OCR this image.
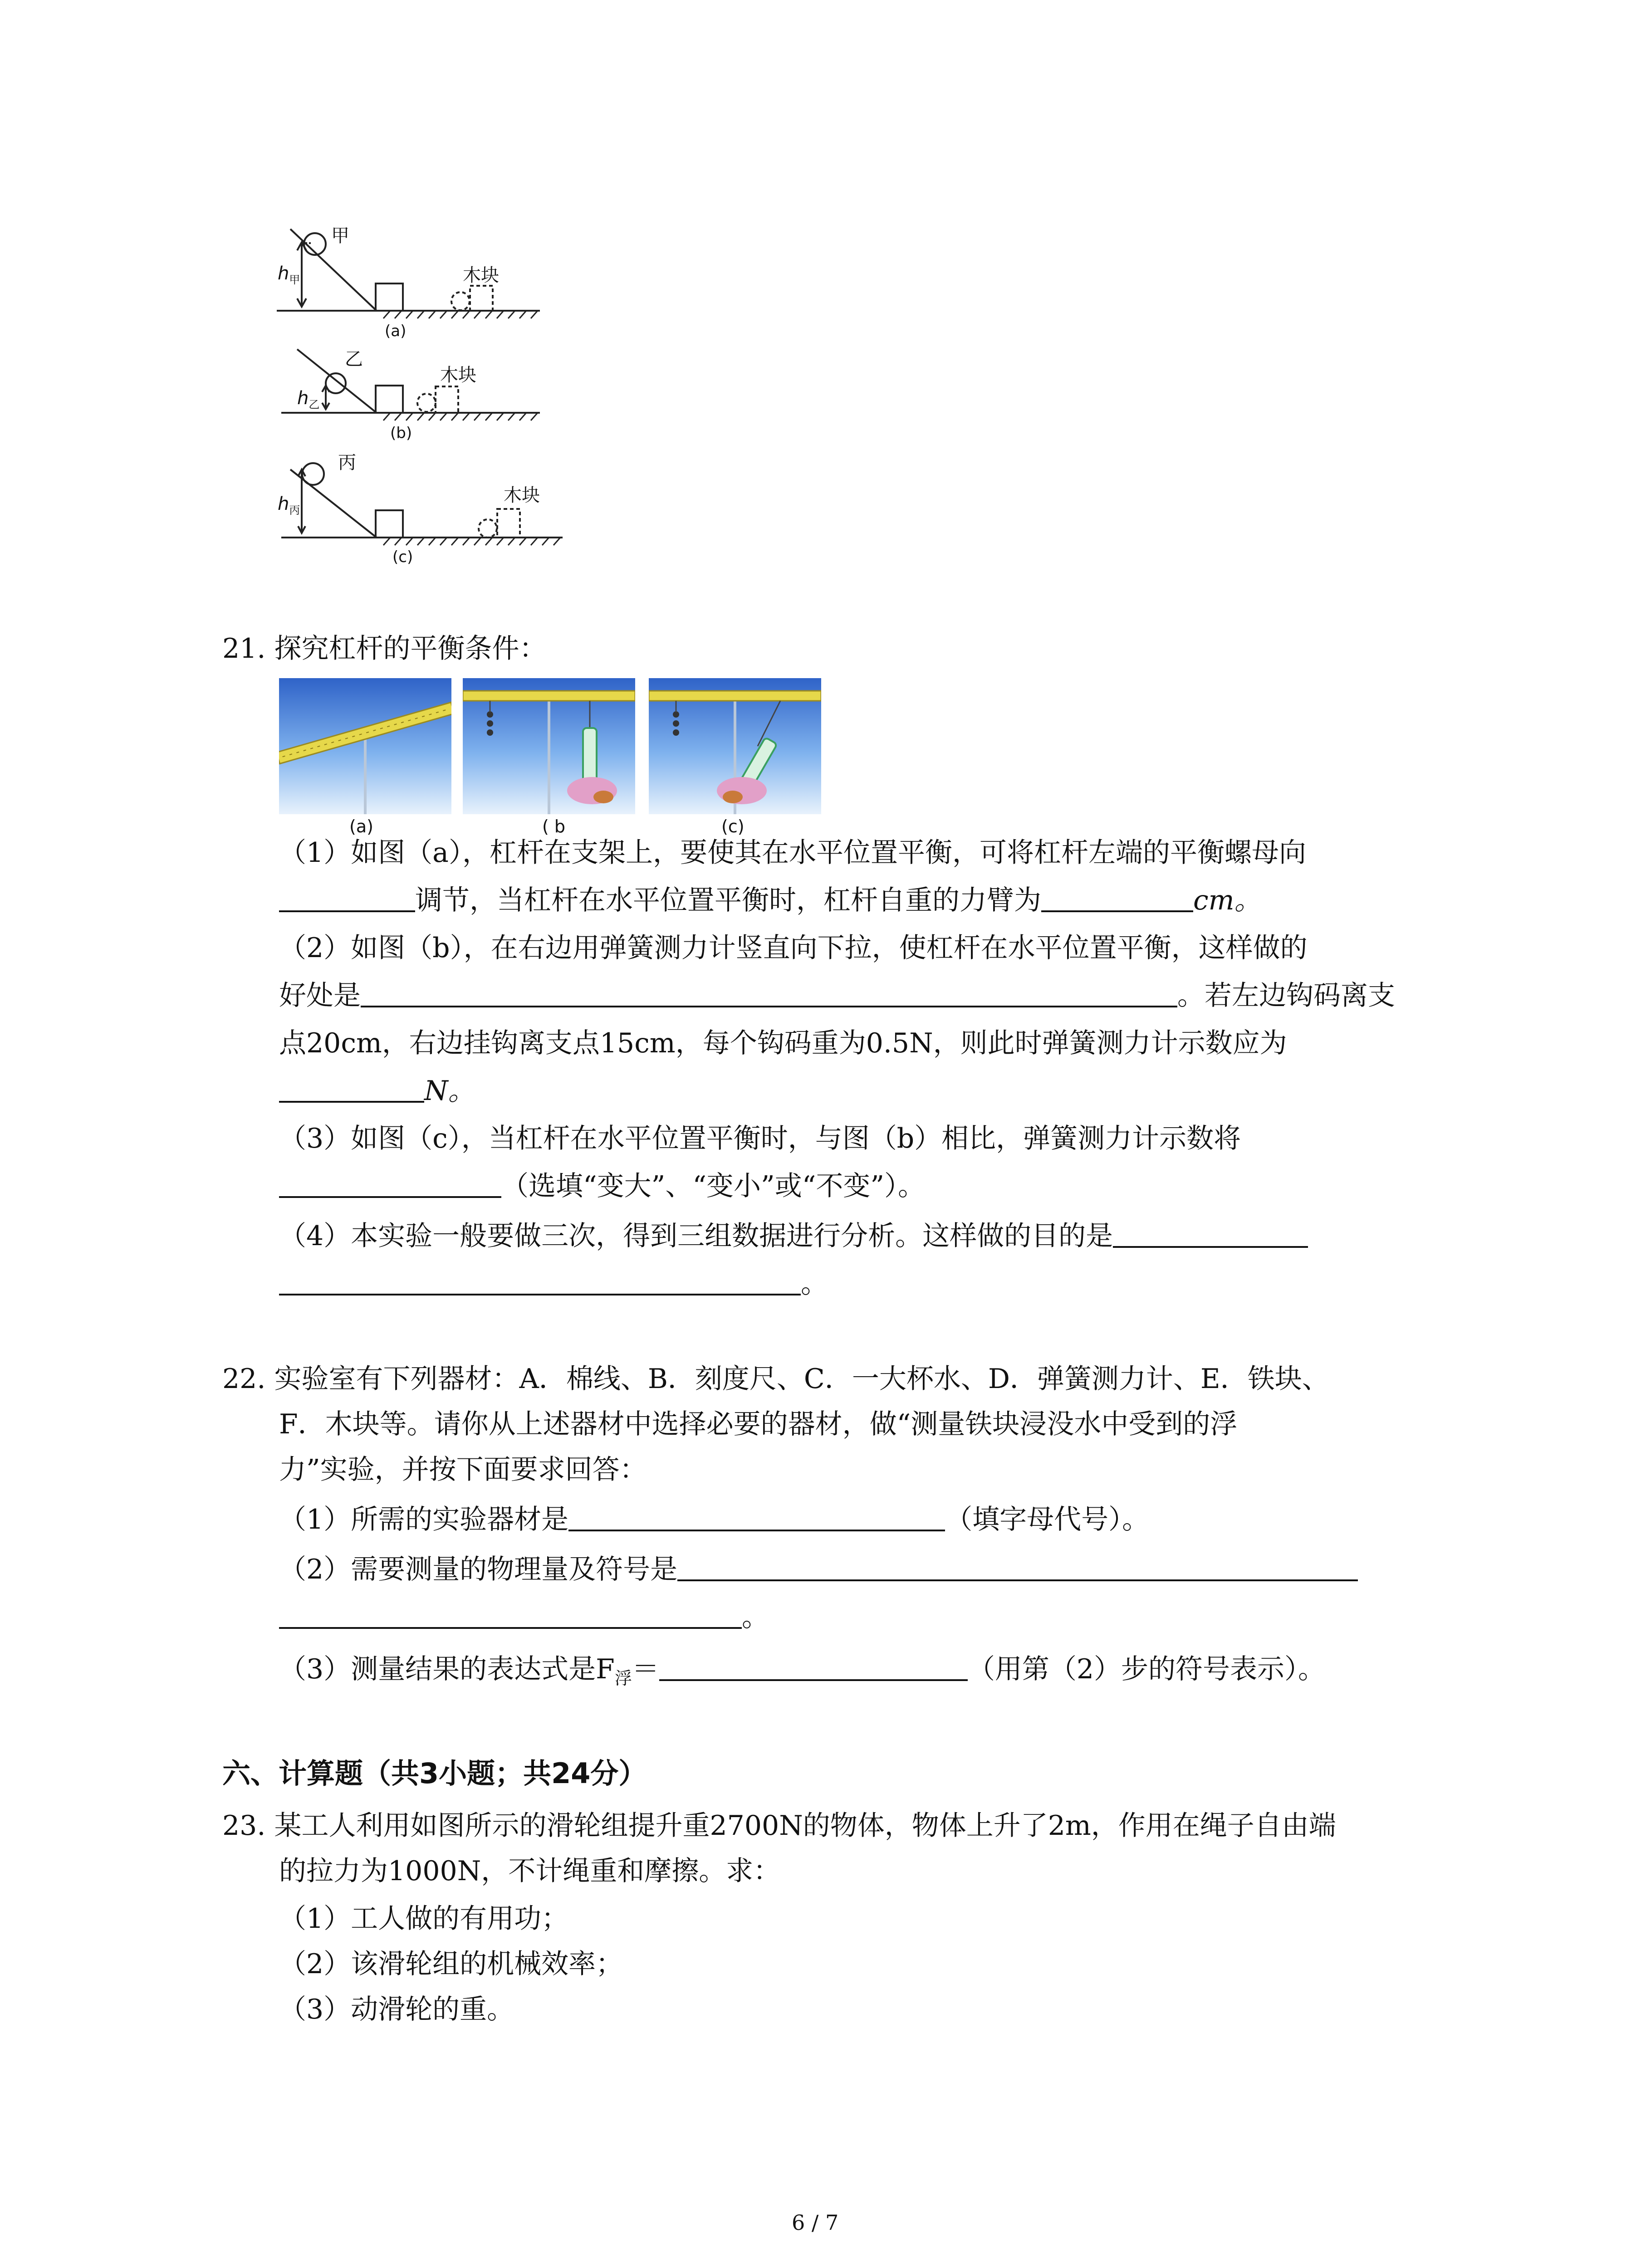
甲
$h_甲$	木块
(a)
乙
$h_乙$
木块
(b)
丙
$h_丙$
木块
(c)
21. 探究杠杆的平衡条件：
(a)	( b	(c)
（1）如图（a），杠杆在支架上，要使其在水平位置平衡，可将杠杆左端的平衡螺母向
调节，当杠杆在水平位置平衡时，杠杆自重的力臂为	cm。
（2）如图（b），在右边用弹簧测力计竖直向下拉，使杠杆在水平位置平衡，这样做的
好处是	。若左边钩码离支
点20cm，右边挂钩离支点15cm，每个钩码重为0.5N，则此时弹簧测力计示数应为
N。
（3）如图（c），当杠杆在水平位置平衡时，与图（b）相比，弹簧测力计示数将
（选填“变大”、“变小”或“不变”）。
（4）本实验一般要做三次，得到三组数据进行分析。这样做的目的是
。
22. 实验室有下列器材：A．棉线、B．刻度尺、C．一大杯水、D．弹簧测力计、E．铁块、
F．木块等。请你从上述器材中选择必要的器材，做“测量铁块浸没水中受到的浮
力”实验，并按下面要求回答：
（1）所需的实验器材是	（填字母代号）。
（2）需要测量的物理量及符号是
。
（3）测量结果的表达式是$F_浮=$	（用第（2）步的符号表示）。
六、计算题（共3小题；共24分）
23. 某工人利用如图所示的滑轮组提升重2700N的物体，物体上升了2m，作用在绳子自由端
的拉力为1000N，不计绳重和摩擦。求：
（1）工人做的有用功；
（2）该滑轮组的机械效率；
（3）动滑轮的重。
6 / 7
